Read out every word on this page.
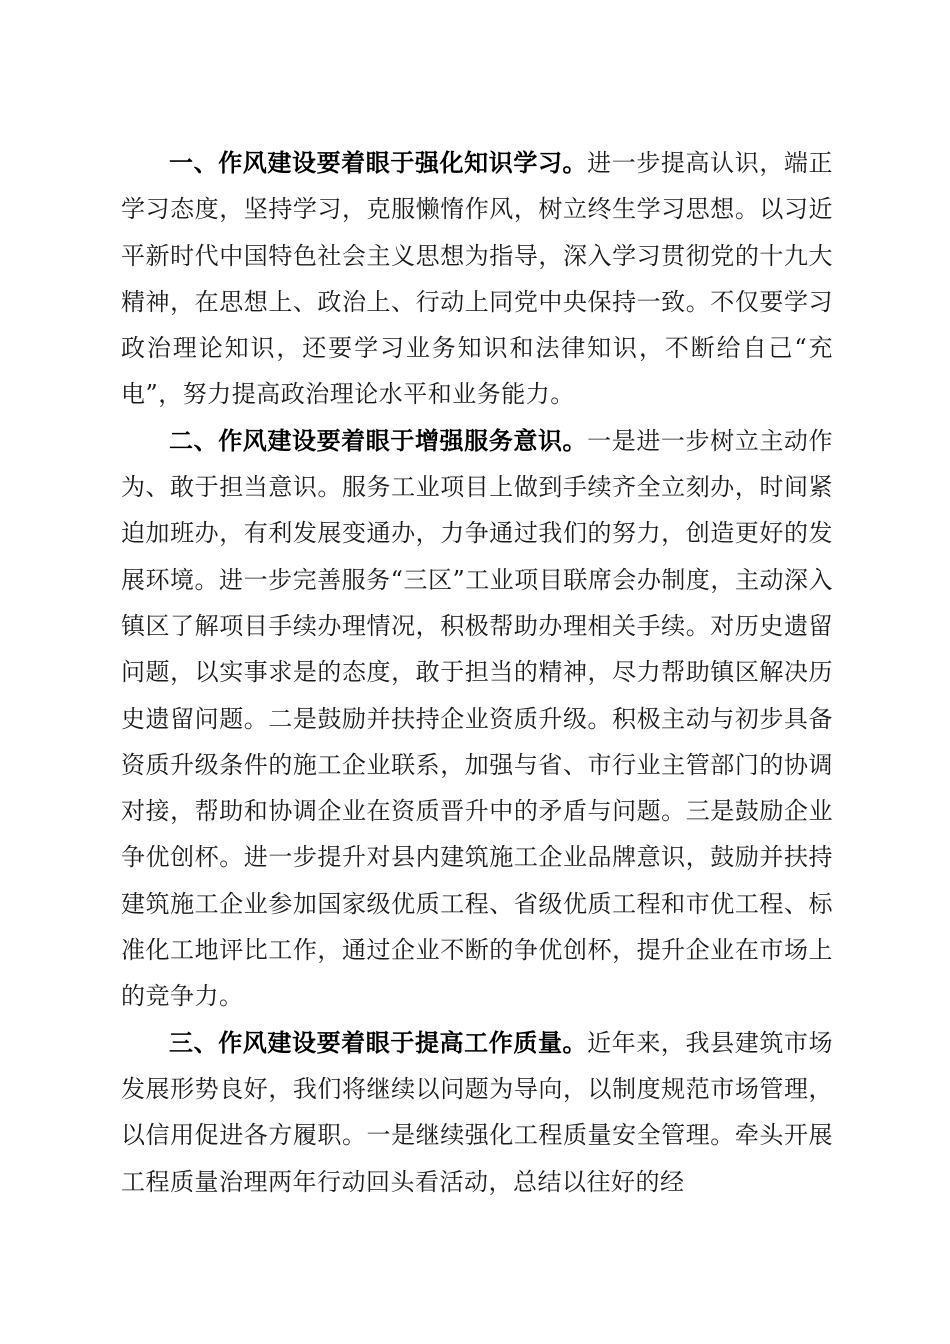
一、作风建设要着眼于强化知识学习。进一步提高认识，端正学习态度，坚持学习，克服懒惰作风，树立终生学习思想。以习近平新时代中国特色社会主义思想为指导，深入学习贯彻党的十九大精神，在思想上、政治上、行动上同党中央保持一致。不仅要学习政治理论知识，还要学习业务知识和法律知识，不断给自己“充电”，努力提高政治理论水平和业务能力。

二、作风建设要着眼于增强服务意识。一是进一步树立主动作为、敢于担当意识。服务工业项目上做到手续齐全立刻办，时间紧迫加班办，有利发展变通办，力争通过我们的努力，创造更好的发展环境。进一步完善服务“三区”工业项目联席会办制度，主动深入镇区了解项目手续办理情况，积极帮助办理相关手续。对历史遗留问题，以实事求是的态度，敢于担当的精神，尽力帮助镇区解决历史遗留问题。二是鼓励并扶持企业资质升级。积极主动与初步具备资质升级条件的施工企业联系，加强与省、市行业主管部门的协调对接，帮助和协调企业在资质晋升中的矛盾与问题。三是鼓励企业争优创杯。进一步提升对县内建筑施工企业品牌意识，鼓励并扶持建筑施工企业参加国家级优质工程、省级优质工程和市优工程、标准化工地评比工作，通过企业不断的争优创杯，提升企业在市场上的竞争力。

三、作风建设要着眼于提高工作质量。近年来，我县建筑市场发展形势良好，我们将继续以问题为导向，以制度规范市场管理，以信用促进各方履职。一是继续强化工程质量安全管理。牵头开展工程质量治理两年行动回头看活动，总结以往好的经
